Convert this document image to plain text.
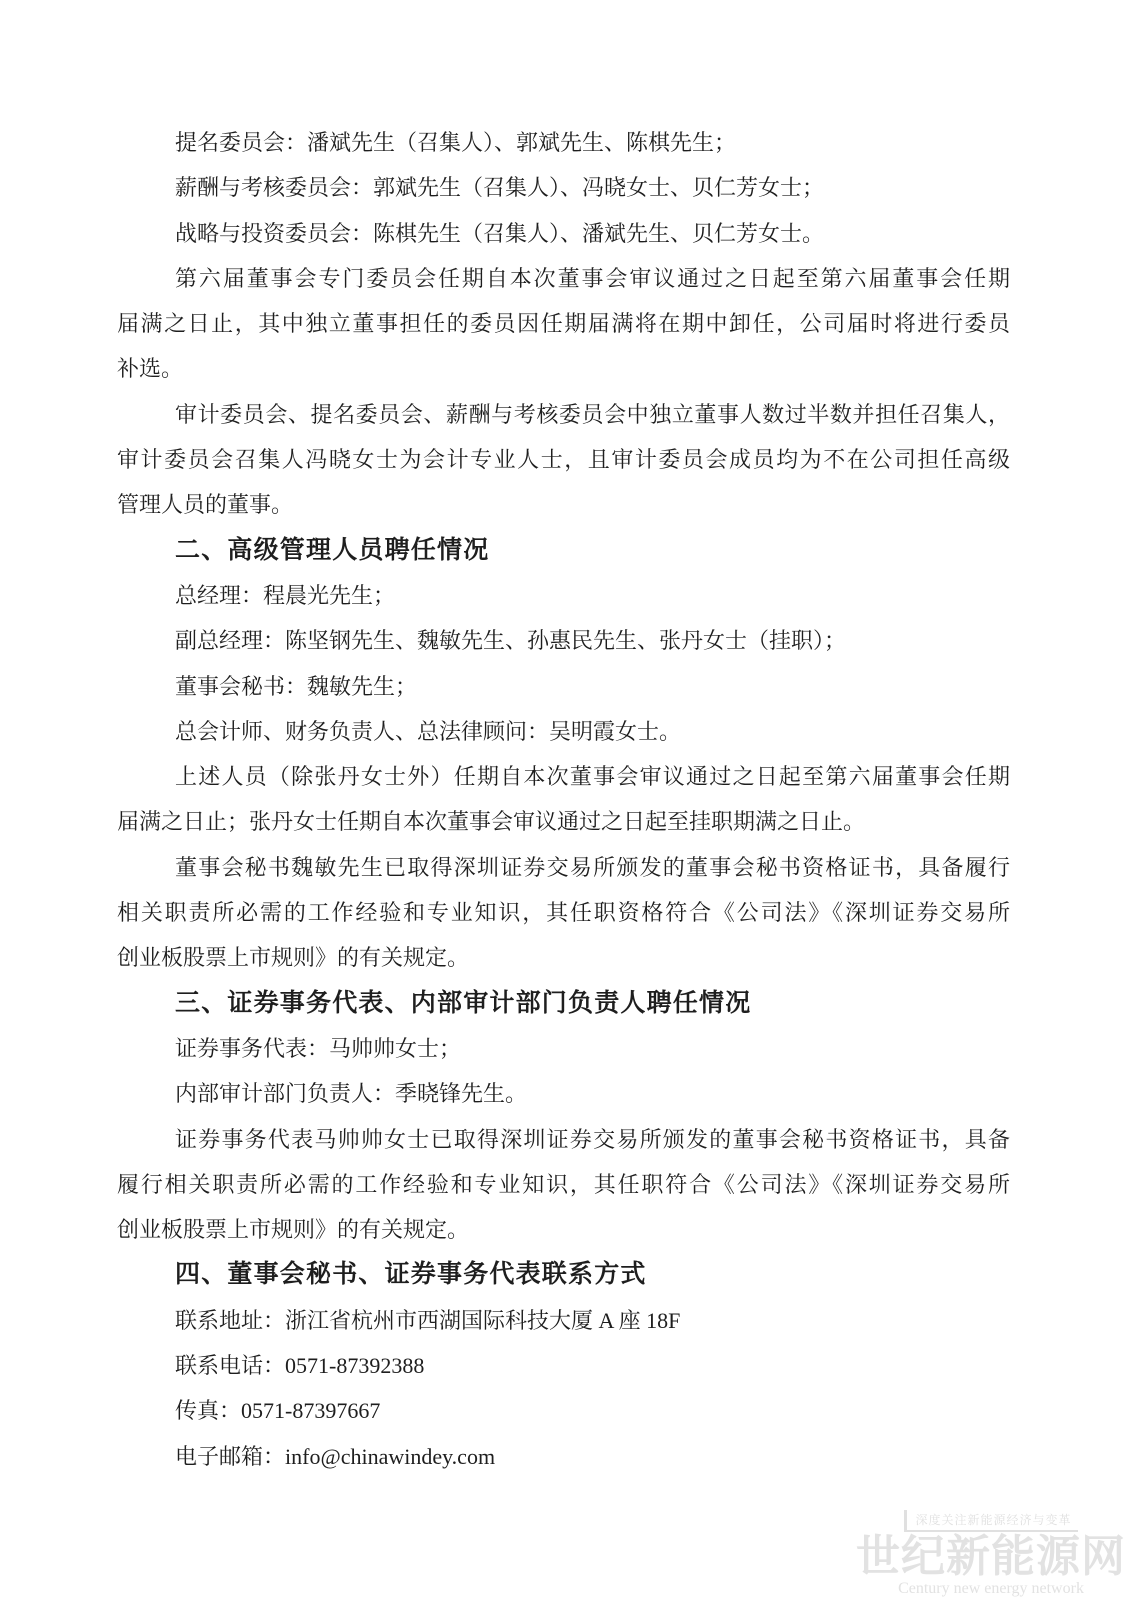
提名委员会：潘斌先生（召集人）、郭斌先生、陈棋先生；
薪酬与考核委员会：郭斌先生（召集人）、冯晓女士、贝仁芳女士；
战略与投资委员会：陈棋先生（召集人）、潘斌先生、贝仁芳女士。
第六届董事会专门委员会任期自本次董事会审议通过之日起至第六届董事会任期
届满之日止，其中独立董事担任的委员因任期届满将在期中卸任，公司届时将进行委员
补选。
审计委员会、提名委员会、薪酬与考核委员会中独立董事人数过半数并担任召集人，
审计委员会召集人冯晓女士为会计专业人士，且审计委员会成员均为不在公司担任高级
管理人员的董事。
二、高级管理人员聘任情况
总经理：程晨光先生；
副总经理：陈坚钢先生、魏敏先生、孙惠民先生、张丹女士（挂职）；
董事会秘书：魏敏先生；
总会计师、财务负责人、总法律顾问：吴明霞女士。
上述人员（除张丹女士外）任期自本次董事会审议通过之日起至第六届董事会任期
届满之日止；张丹女士任期自本次董事会审议通过之日起至挂职期满之日止。
董事会秘书魏敏先生已取得深圳证券交易所颁发的董事会秘书资格证书，具备履行
相关职责所必需的工作经验和专业知识，其任职资格符合《公司法》《深圳证券交易所
创业板股票上市规则》的有关规定。
三、证券事务代表、内部审计部门负责人聘任情况
证券事务代表：马帅帅女士；
内部审计部门负责人：季晓锋先生。
证券事务代表马帅帅女士已取得深圳证券交易所颁发的董事会秘书资格证书，具备
履行相关职责所必需的工作经验和专业知识，其任职符合《公司法》《深圳证券交易所
创业板股票上市规则》的有关规定。
四、董事会秘书、证券事务代表联系方式
联系地址：浙江省杭州市西湖国际科技大厦 A 座 18F
联系电话：0571-87392388
传真：0571-87397667
电子邮箱：info@chinawindey.com
深度关注新能源经济与变革
世纪新能源网
Century new energy network
